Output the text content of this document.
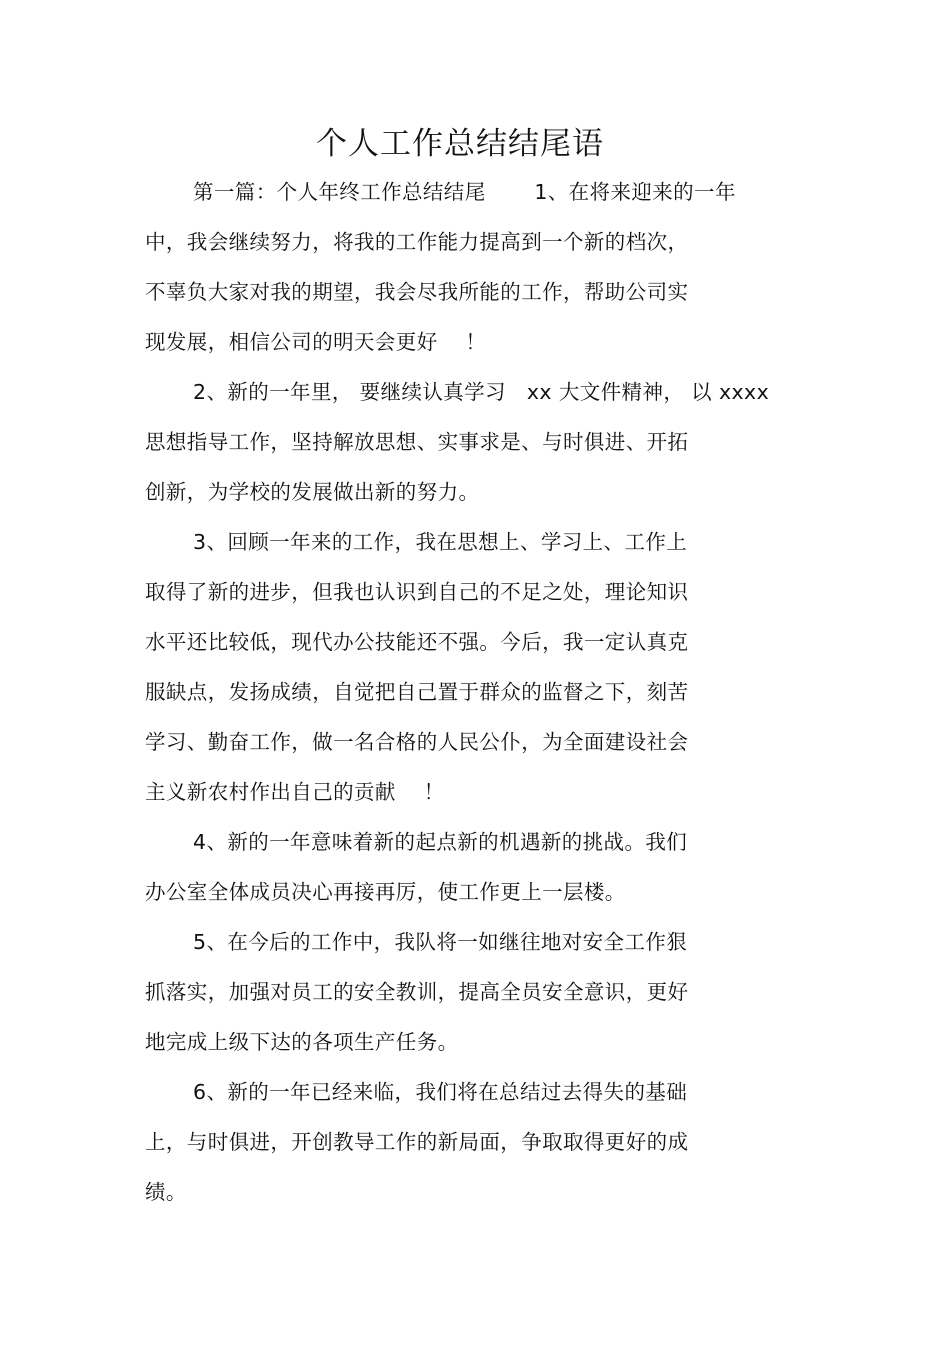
个人工作总结结尾语
第一篇：个人年终工作总结结尾　　 1、在将来迎来的一年
中，我会继续努力，将我的工作能力提高到一个新的档次，
不辜负大家对我的期望，我会尽我所能的工作，帮助公司实
现发展，相信公司的明天会更好　 ！
2、新的一年里， 要继续认真学习　xx 大文件精神， 以 xxxx
思想指导工作，坚持解放思想、实事求是、与时俱进、开拓
创新，为学校的发展做出新的努力。
3、回顾一年来的工作，我在思想上、学习上、工作上
取得了新的进步，但我也认识到自己的不足之处，理论知识
水平还比较低，现代办公技能还不强。今后，我一定认真克
服缺点，发扬成绩，自觉把自己置于群众的监督之下，刻苦
学习、勤奋工作，做一名合格的人民公仆，为全面建设社会
主义新农村作出自己的贡献　 ！
4、新的一年意味着新的起点新的机遇新的挑战。我们
办公室全体成员决心再接再厉，使工作更上一层楼。
5、在今后的工作中，我队将一如继往地对安全工作狠
抓落实，加强对员工的安全教训，提高全员安全意识，更好
地完成上级下达的各项生产任务。
6、新的一年已经来临，我们将在总结过去得失的基础
上，与时俱进，开创教导工作的新局面，争取取得更好的成
绩。
